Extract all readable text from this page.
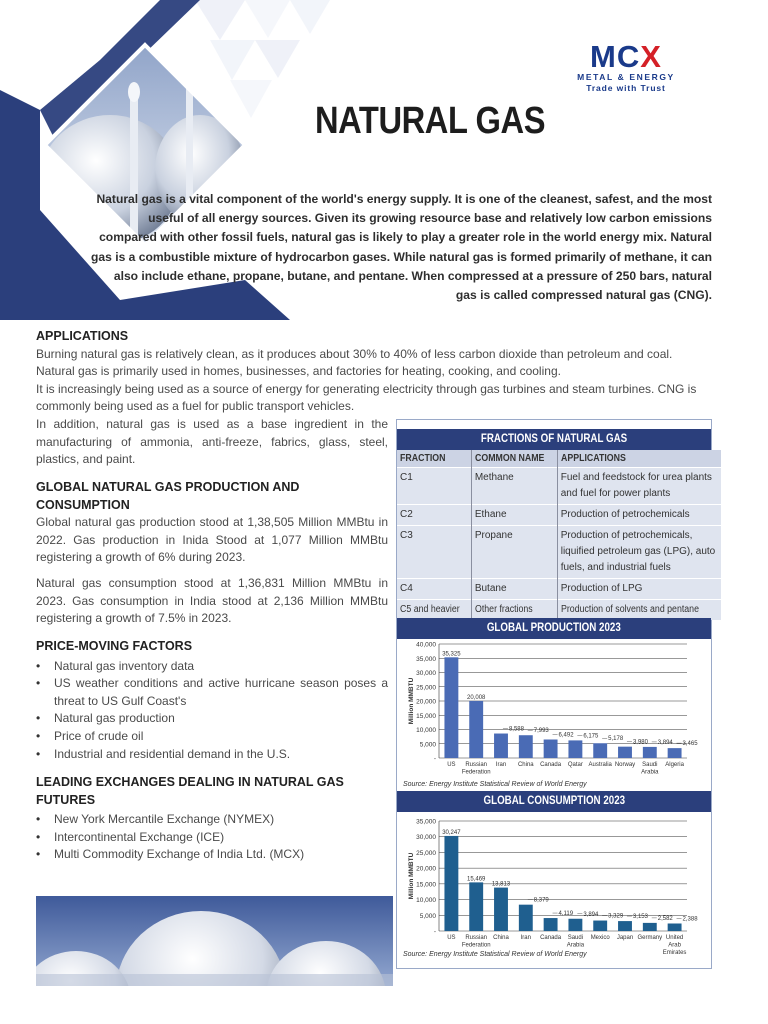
MCX
METAL & ENERGY
Trade with Trust
NATURAL GAS
Natural gas is a vital component of the world's energy supply. It is one of the cleanest, safest, and the most useful of all energy sources. Given its growing resource base and relatively low carbon emissions compared with other fossil fuels, natural gas is likely to play a greater role in the world energy mix. Natural gas is a combustible mixture of hydrocarbon gases. While natural gas is formed primarily of methane, it can also include ethane, propane, butane, and pentane. When compressed at a pressure of 250 bars, natural gas is called compressed natural gas (CNG).
APPLICATIONS
Burning natural gas is relatively clean, as it produces about 30% to 40% of less carbon dioxide than petroleum and coal. Natural gas is primarily used in homes, businesses, and factories for heating, cooking, and cooling.
It is increasingly being used as a source of energy for generating electricity through gas turbines and steam turbines. CNG is commonly being used as a fuel for public transport vehicles.
In addition, natural gas is used as a base ingredient in the manufacturing of ammonia, anti-freeze, fabrics, glass, steel, plastics, and paint.
GLOBAL NATURAL GAS PRODUCTION AND
CONSUMPTION
Global natural gas production stood at 1,38,505 Million MMBtu in 2022. Gas production in Inida Stood at 1,077 Million MMBtu registering a growth of 6% during 2023.
Natural gas consumption stood at 1,36,831 Million MMBtu in 2023. Gas consumption in India stood at 2,136 Million MMBtu registering a growth of 7.5% in 2023.
PRICE-MOVING FACTORS
• Natural gas inventory data
• US weather conditions and active hurricane season poses a threat to US Gulf Coast's
• Natural gas production
• Price of crude oil
• Industrial and residential demand in the U.S.
LEADING EXCHANGES DEALING IN NATURAL GAS FUTURES
• New York Mercantile Exchange (NYMEX)
• Intercontinental Exchange (ICE)
• Multi Commodity Exchange of India Ltd. (MCX)
FRACTIONS OF NATURAL GAS
FRACTION	COMMON NAME	APPLICATIONS
C1	Methane	Fuel and feedstock for urea plants and fuel for power plants
C2	Ethane	Production of petrochemicals
C3	Propane	Production of petrochemicals, liquified petroleum gas (LPG), auto fuels, and industrial fuels
C4	Butane	Production of LPG
C5 and heavier	Other fractions	Production of solvents and pentane
GLOBAL PRODUCTION 2023
-
5,000
10,000
15,000
20,000
25,000
30,000
35,000
40,000
Million MMBTU
35,325
US
20,008
Russian
Federation
8,588
Iran
7,993
China
6,492
Canada
6,175
Qatar
5,178
Australia
3,980
Norway
3,894
Saudi
Arabia
3,465
Algeria
Source: Energy Institute Statistical Review of World Energy
GLOBAL CONSUMPTION 2023
-
5,000
10,000
15,000
20,000
25,000
30,000
35,000
Million MMBTU
30,247
US
15,469
Russian
Federation
13,813
China
8,379
Iran
4,119
Canada
3,894
Saudi
Arabia
3,329
Mexico
3,153
Japan
2,582
Germany
2,388
United
Arab
Emirates
Source: Energy Institute Statistical Review of World Energy
